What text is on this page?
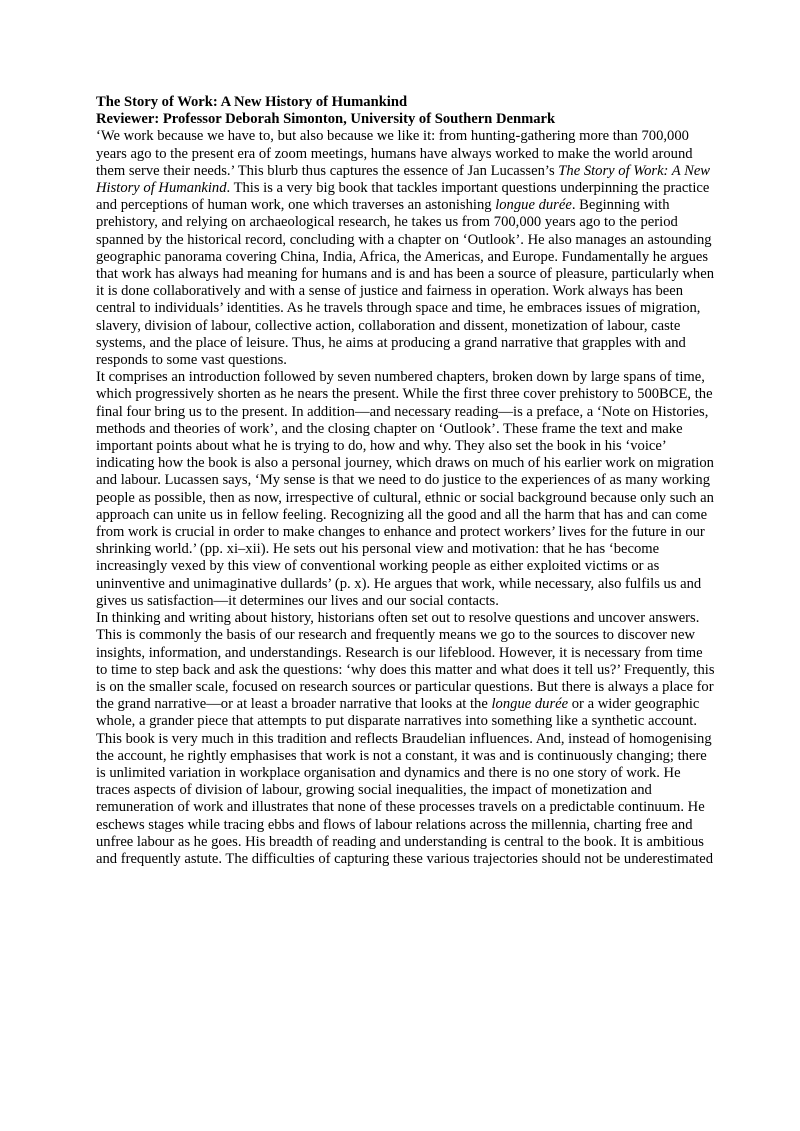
The Story of Work: A New History of Humankind

Reviewer: Professor Deborah Simonton, University of Southern Denmark

‘We work because we have to, but also because we like it: from hunting-gathering more than 700,000 years ago to the present era of zoom meetings, humans have always worked to make the world around them serve their needs.’ This blurb thus captures the essence of Jan Lucassen’s The Story of Work: A New History of Humankind. This is a very big book that tackles important questions underpinning the practice and perceptions of human work, one which traverses an astonishing longue durée. Beginning with prehistory, and relying on archaeological research, he takes us from 700,000 years ago to the period spanned by the historical record, concluding with a chapter on ‘Outlook’. He also manages an astounding geographic panorama covering China, India, Africa, the Americas, and Europe. Fundamentally he argues that work has always had meaning for humans and is and has been a source of pleasure, particularly when it is done collaboratively and with a sense of justice and fairness in operation. Work always has been central to individuals’ identities. As he travels through space and time, he embraces issues of migration, slavery, division of labour, collective action, collaboration and dissent, monetization of labour, caste systems, and the place of leisure. Thus, he aims at producing a grand narrative that grapples with and responds to some vast questions.

It comprises an introduction followed by seven numbered chapters, broken down by large spans of time, which progressively shorten as he nears the present. While the first three cover prehistory to 500BCE, the final four bring us to the present. In addition—and necessary reading—is a preface, a ‘Note on Histories, methods and theories of work’, and the closing chapter on ‘Outlook’. These frame the text and make important points about what he is trying to do, how and why. They also set the book in his ‘voice’ indicating how the book is also a personal journey, which draws on much of his earlier work on migration and labour. Lucassen says, ‘My sense is that we need to do justice to the experiences of as many working people as possible, then as now, irrespective of cultural, ethnic or social background because only such an approach can unite us in fellow feeling. Recognizing all the good and all the harm that has and can come from work is crucial in order to make changes to enhance and protect workers’ lives for the future in our shrinking world.’ (pp. xi–xii). He sets out his personal view and motivation: that he has ‘become increasingly vexed by this view of conventional working people as either exploited victims or as uninventive and unimaginative dullards’ (p. x). He argues that work, while necessary, also fulfils us and gives us satisfaction—it determines our lives and our social contacts.

In thinking and writing about history, historians often set out to resolve questions and uncover answers. This is commonly the basis of our research and frequently means we go to the sources to discover new insights, information, and understandings. Research is our lifeblood. However, it is necessary from time to time to step back and ask the questions: ‘why does this matter and what does it tell us?’ Frequently, this is on the smaller scale, focused on research sources or particular questions. But there is always a place for the grand narrative—or at least a broader narrative that looks at the longue durée or a wider geographic whole, a grander piece that attempts to put disparate narratives into something like a synthetic account. This book is very much in this tradition and reflects Braudelian influences. And, instead of homogenising the account, he rightly emphasises that work is not a constant, it was and is continuously changing; there is unlimited variation in workplace organisation and dynamics and there is no one story of work. He traces aspects of division of labour, growing social inequalities, the impact of monetization and remuneration of work and illustrates that none of these processes travels on a predictable continuum. He eschews stages while tracing ebbs and flows of labour relations across the millennia, charting free and unfree labour as he goes. His breadth of reading and understanding is central to the book. It is ambitious and frequently astute. The difficulties of capturing these various trajectories should not be underestimated
